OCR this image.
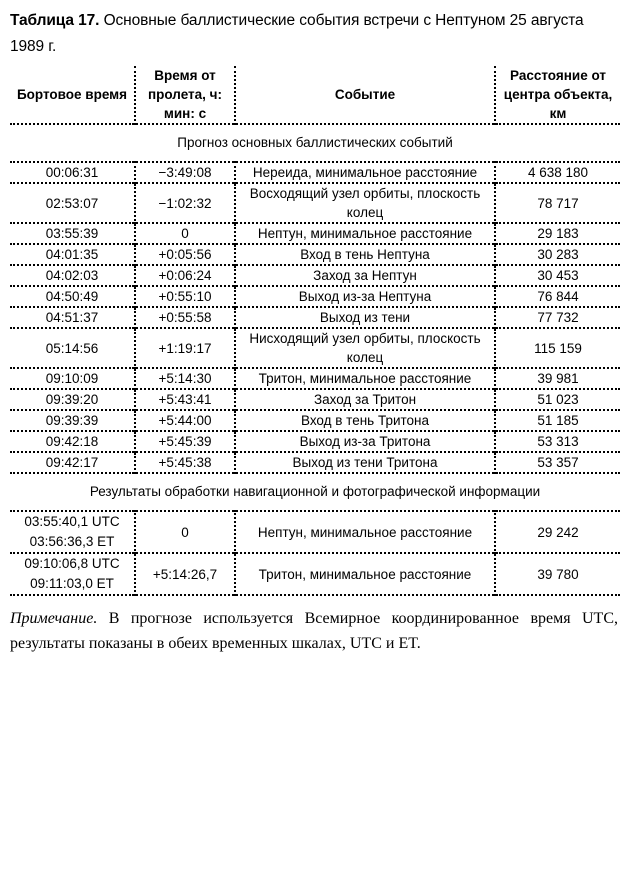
Таблица 17. Основные баллистические события встречи с Нептуном 25 августа 1989 г.
Бортовое время	Время от пролета, ч: мин: с	Событие	Расстояние от центра объекта, км
Прогноз основных баллистических событий			
00:06:31	−3:49:08	Нереида, минимальное расстояние	4 638 180
02:53:07	−1:02:32	Восходящий узел орбиты, плоскость колец	78 717
03:55:39	0	Нептун, минимальное расстояние	29 183
04:01:35	+0:05:56	Вход в тень Нептуна	30 283
04:02:03	+0:06:24	Заход за Нептун	30 453
04:50:49	+0:55:10	Выход из-за Нептуна	76 844
04:51:37	+0:55:58	Выход из тени	77 732
05:14:56	+1:19:17	Нисходящий узел орбиты, плоскость колец	115 159
09:10:09	+5:14:30	Тритон, минимальное расстояние	39 981
09:39:20	+5:43:41	Заход за Тритон	51 023
09:39:39	+5:44:00	Вход в тень Тритона	51 185
09:42:18	+5:45:39	Выход из-за Тритона	53 313
09:42:17	+5:45:38	Выход из тени Тритона	53 357
Результаты обработки навигационной и фотографической информации			

03:55:40,1 UTC
03:56:36,3 ET	0	Нептун, минимальное расстояние	29 242

09:10:06,8 UTC
09:11:03,0 ET	+5:14:26,7	Тритон, минимальное расстояние	39 780
Примечание. В прогнозе используется Всемирное координированное время UTC, результаты показаны в обеих временных шкалах, UTC и ET.
